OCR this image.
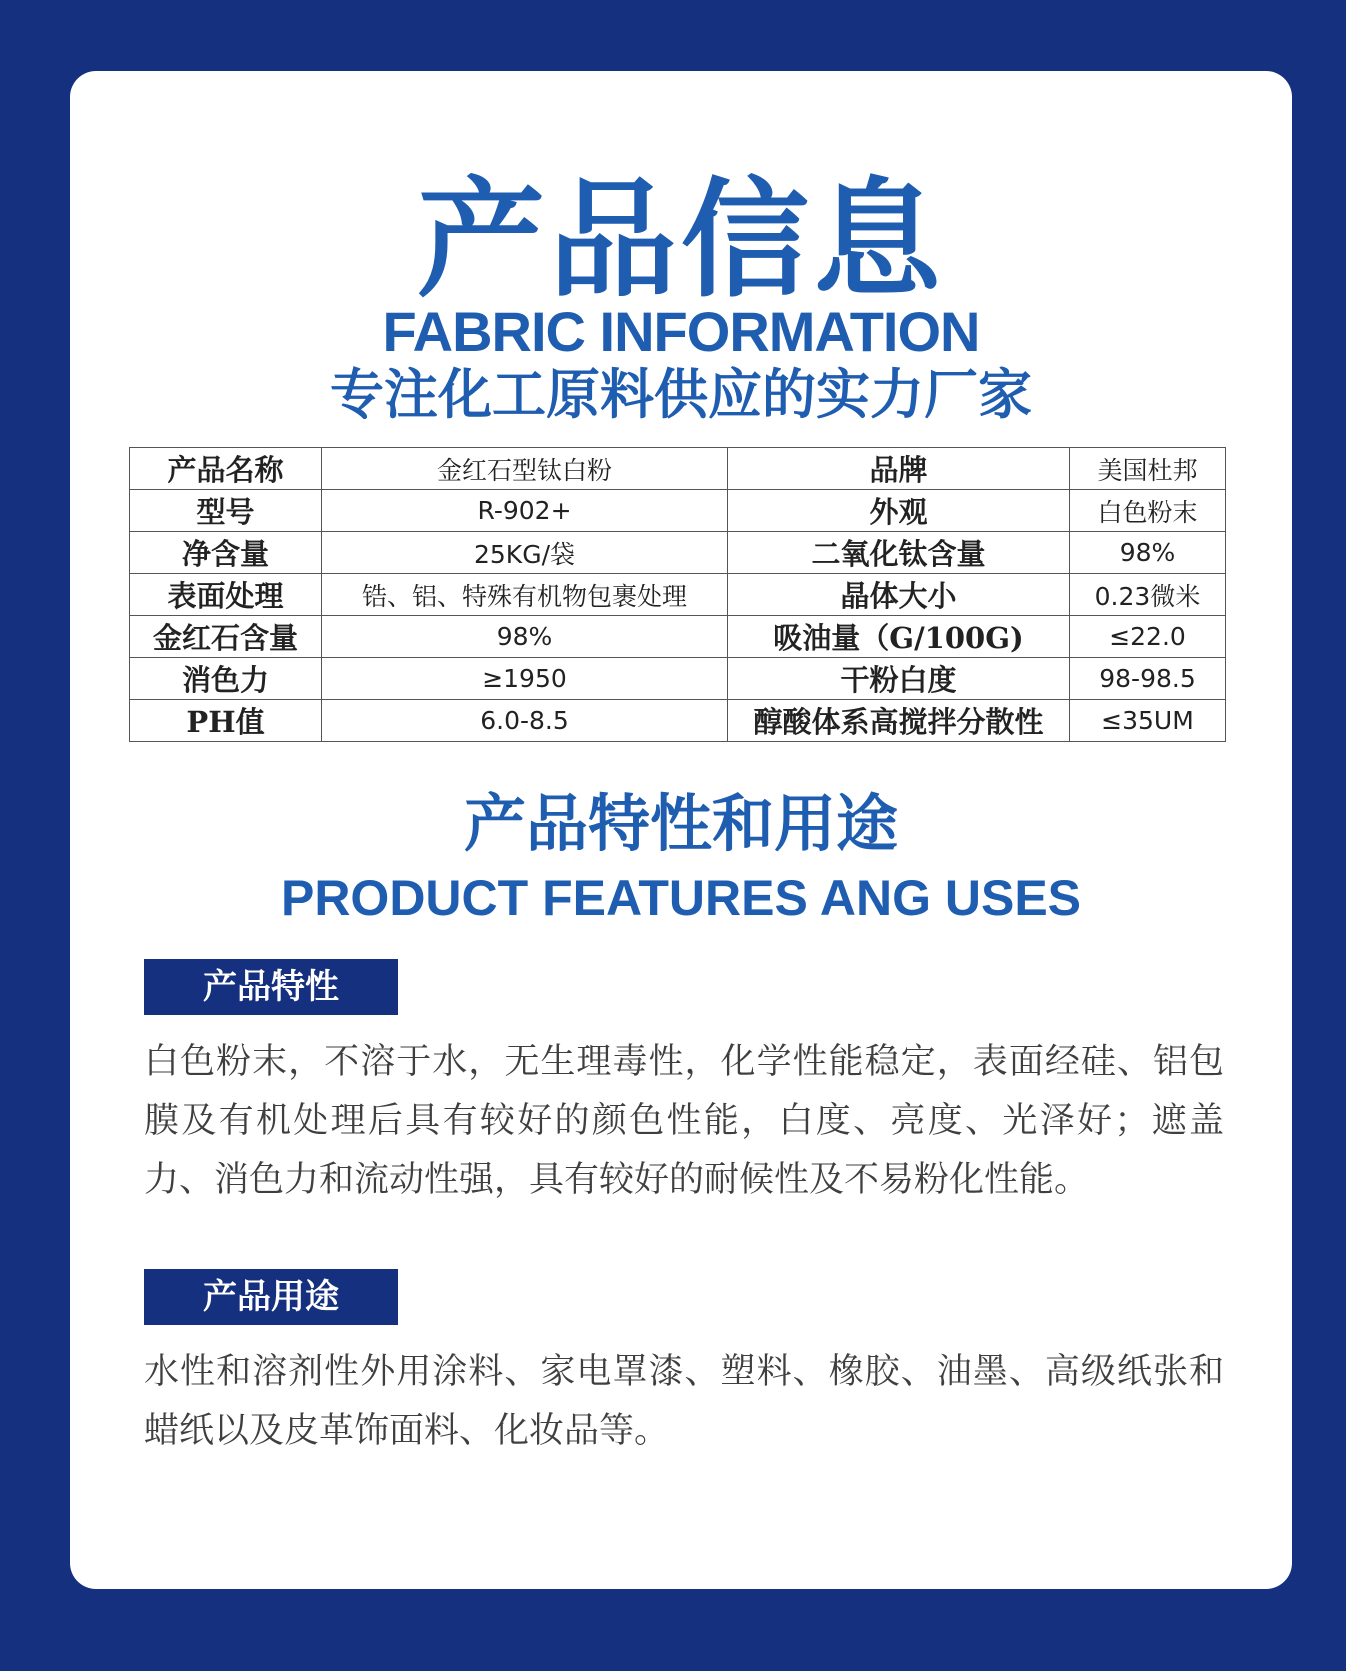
产品信息
FABRIC INFORMATION
专注化工原料供应的实力厂家
产品名称	金红石型钛白粉	品牌	美国杜邦
型号	R-902+	外观	白色粉末
净含量	25KG/袋	二氧化钛含量	98%
表面处理	锆、铝、特殊有机物包裹处理	晶体大小	0.23微米
金红石含量	98%	吸油量（G/100G)	≤22.0
消色力	≥1950	干粉白度	98-98.5
PH值	6.0-8.5	醇酸体系高搅拌分散性	≤35UM
产品特性和用途
PRODUCT FEATURES ANG USES
产品特性
白色粉末，不溶于水，无生理毒性，化学性能稳定，表面经硅、铝包膜及有机处理后具有较好的颜色性能，白度、亮度、光泽好；遮盖力、消色力和流动性强，具有较好的耐候性及不易粉化性能。
产品用途
水性和溶剂性外用涂料、家电罩漆、塑料、橡胶、油墨、高级纸张和蜡纸以及皮革饰面料、化妆品等。
